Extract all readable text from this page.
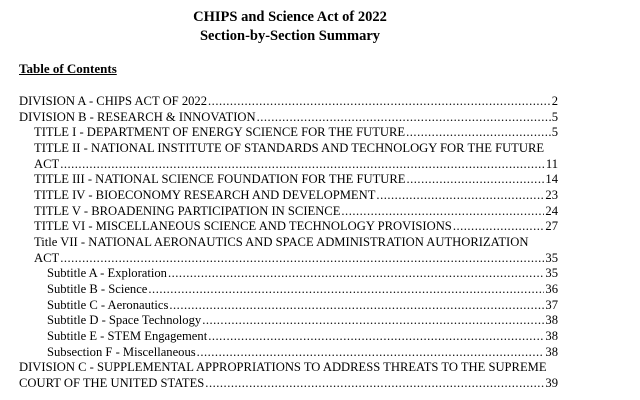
CHIPS and Science Act of 2022
Section-by-Section Summary
Table of Contents
DIVISION A - CHIPS ACT OF 2022 .....	2
DIVISION B - RESEARCH & INNOVATION .....	5
TITLE I - DEPARTMENT OF ENERGY SCIENCE FOR THE FUTURE .....	5
TITLE II - NATIONAL INSTITUTE OF STANDARDS AND TECHNOLOGY FOR THE FUTURE
ACT .....	11
TITLE III - NATIONAL SCIENCE FOUNDATION FOR THE FUTURE .....	14
TITLE IV - BIOECONOMY RESEARCH AND DEVELOPMENT .....	23
TITLE V - BROADENING PARTICIPATION IN SCIENCE .....	24
TITLE VI - MISCELLANEOUS SCIENCE AND TECHNOLOGY PROVISIONS .....	27
Title VII - NATIONAL AERONAUTICS AND SPACE ADMINISTRATION AUTHORIZATION
ACT .....	35
Subtitle A - Exploration .....	35
Subtitle B - Science .....	36
Subtitle C - Aeronautics .....	37
Subtitle D - Space Technology .....	38
Subtitle E - STEM Engagement .....	38
Subsection F - Miscellaneous .....	38
DIVISION C - SUPPLEMENTAL APPROPRIATIONS TO ADDRESS THREATS TO THE SUPREME
COURT OF THE UNITED STATES .....	39
